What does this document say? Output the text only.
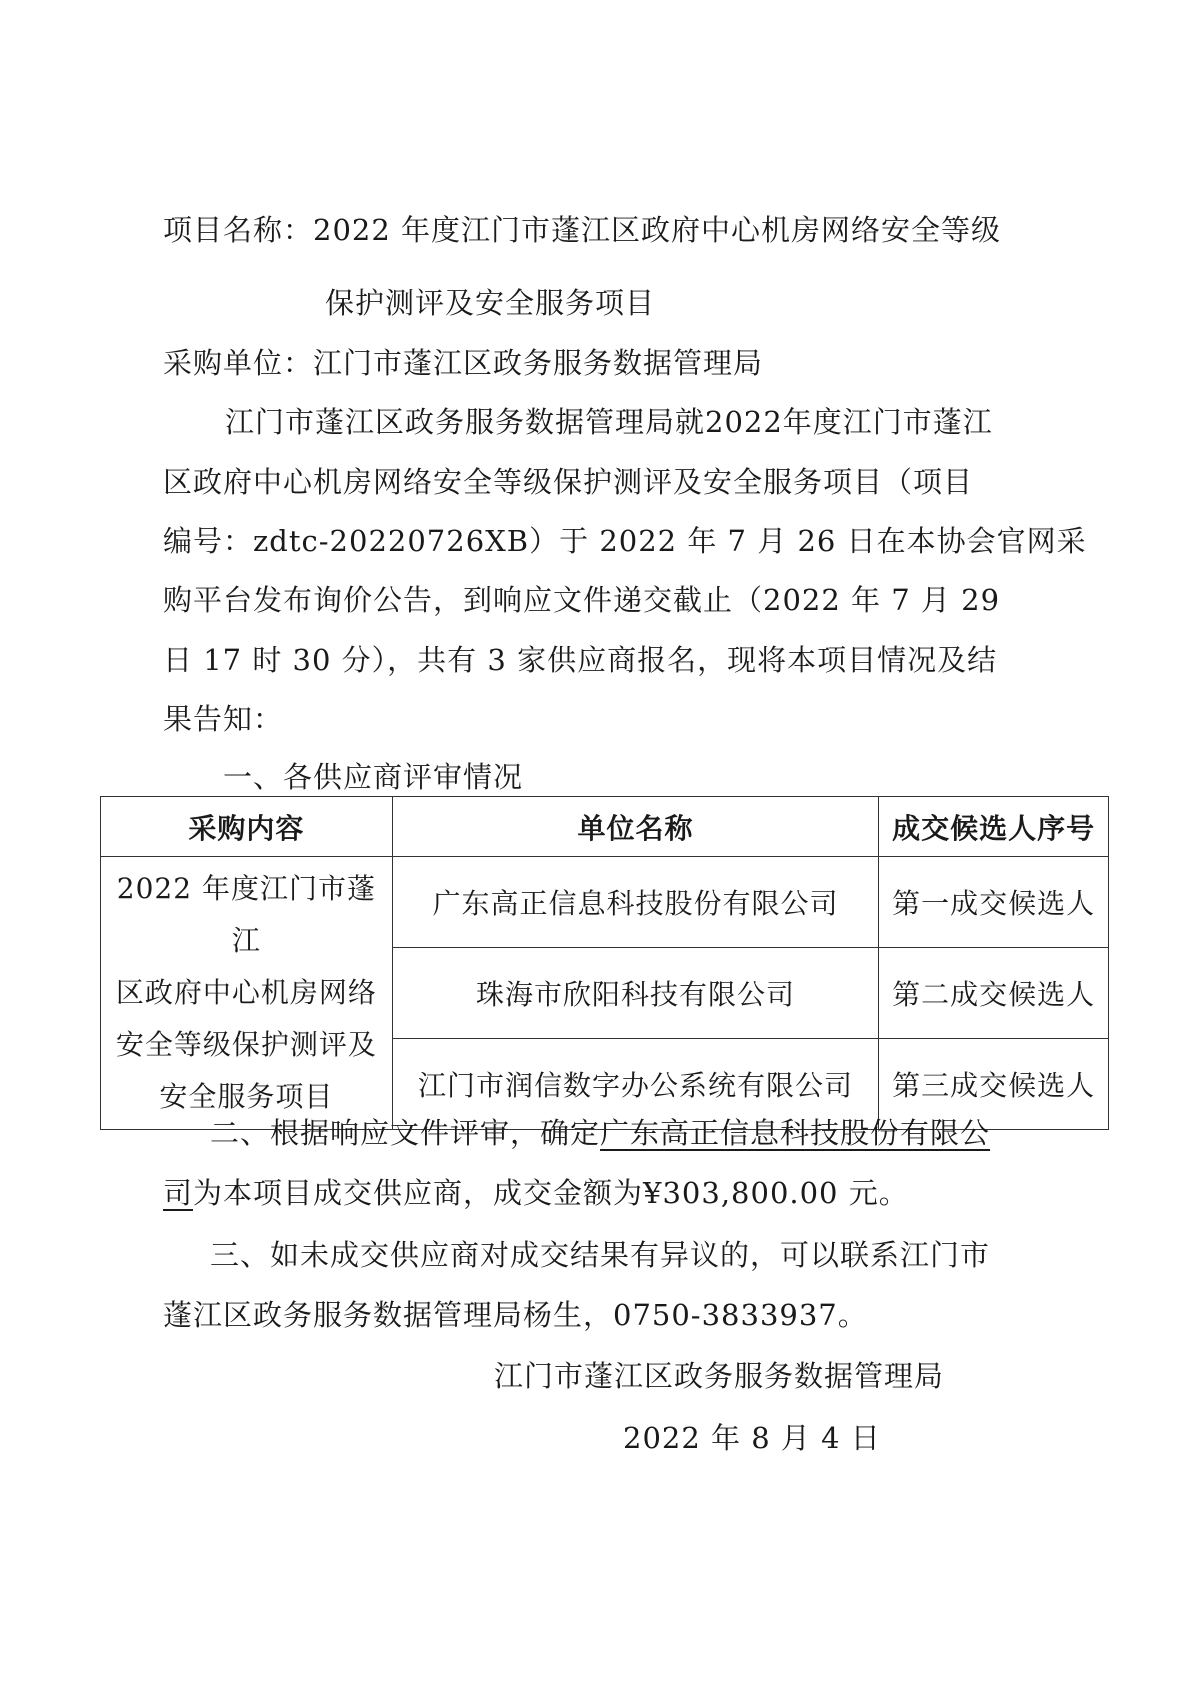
项目名称：2022 年度江门市蓬江区政府中心机房网络安全等级
保护测评及安全服务项目
采购单位：江门市蓬江区政务服务数据管理局
江门市蓬江区政务服务数据管理局就2022年度江门市蓬江
区政府中心机房网络安全等级保护测评及安全服务项目（项目
编号：zdtc-20220726XB）于 2022 年 7 月 26 日在本协会官网采
购平台发布询价公告，到响应文件递交截止（2022 年 7 月 29
日 17 时 30 分），共有 3 家供应商报名，现将本项目情况及结
果告知：
一、各供应商评审情况
采购内容	单位名称	成交候选人序号

2022 年度江门市蓬江
区政府中心机房网络
安全等级保护测评及
安全服务项目	广东高正信息科技股份有限公司	第一成交候选人
	珠海市欣阳科技有限公司	第二成交候选人
	江门市润信数字办公系统有限公司	第三成交候选人
二、根据响应文件评审，确定广东高正信息科技股份有限公
司为本项目成交供应商，成交金额为¥303,800.00 元。
三、如未成交供应商对成交结果有异议的，可以联系江门市
蓬江区政务服务数据管理局杨生，0750-3833937。
江门市蓬江区政务服务数据管理局
2022 年 8 月 4 日
